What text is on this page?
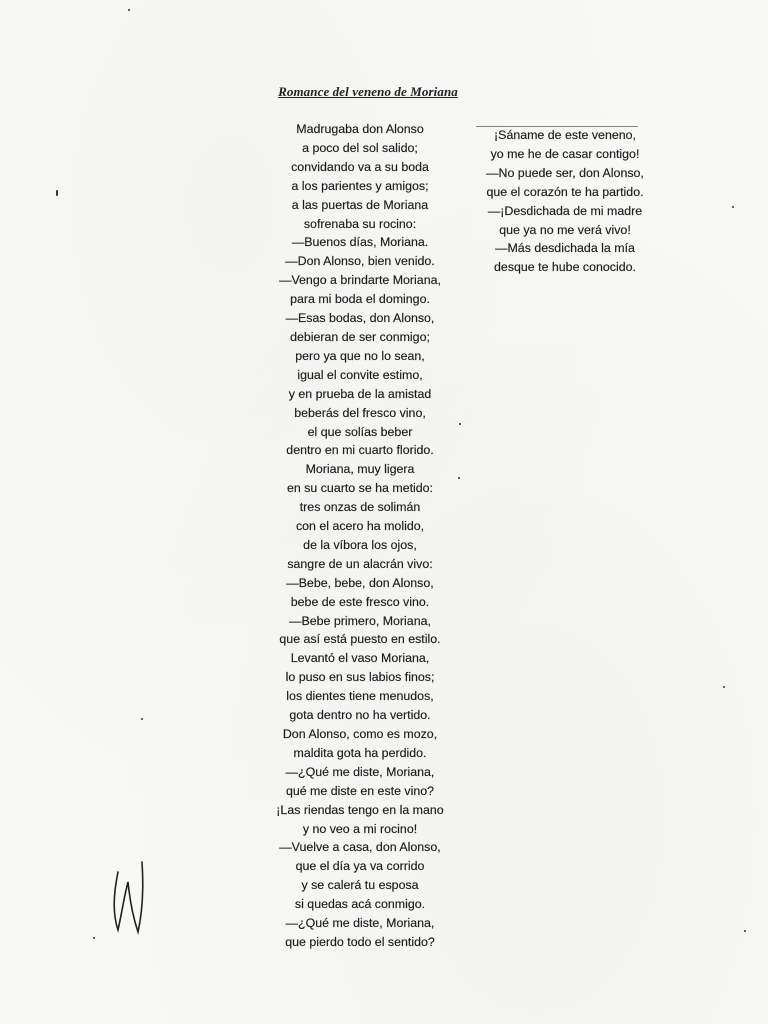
Romance del veneno de Moriana
Madrugaba don Alonso
a poco del sol salido;
convidando va a su boda
a los parientes y amigos;
a las puertas de Moriana
sofrenaba su rocino:
—Buenos días, Moriana.
—Don Alonso, bien venido.
—Vengo a brindarte Moriana,
para mi boda el domingo.
—Esas bodas, don Alonso,
debieran de ser conmigo;
pero ya que no lo sean,
igual el convite estimo,
y en prueba de la amistad
beberás del fresco vino,
el que solías beber
dentro en mi cuarto florido.
Moriana, muy ligera
en su cuarto se ha metido:
tres onzas de solimán
con el acero ha molido,
de la víbora los ojos,
sangre de un alacrán vivo:
—Bebe, bebe, don Alonso,
bebe de este fresco vino.
—Bebe primero, Moriana,
que así está puesto en estilo.
Levantó el vaso Moriana,
lo puso en sus labios finos;
los dientes tiene menudos,
gota dentro no ha vertido.
Don Alonso, como es mozo,
maldita gota ha perdido.
—¿Qué me diste, Moriana,
qué me diste en este vino?
¡Las riendas tengo en la mano
y no veo a mi rocino!
—Vuelve a casa, don Alonso,
que el día ya va corrido
y se calerá tu esposa
si quedas acá conmigo.
—¿Qué me diste, Moriana,
que pierdo todo el sentido?
¡Sáname de este veneno,
yo me he de casar contigo!
—No puede ser, don Alonso,
que el corazón te ha partido.
—¡Desdichada de mi madre
que ya no me verá vivo!
—Más desdichada la mía
desque te hube conocido.
